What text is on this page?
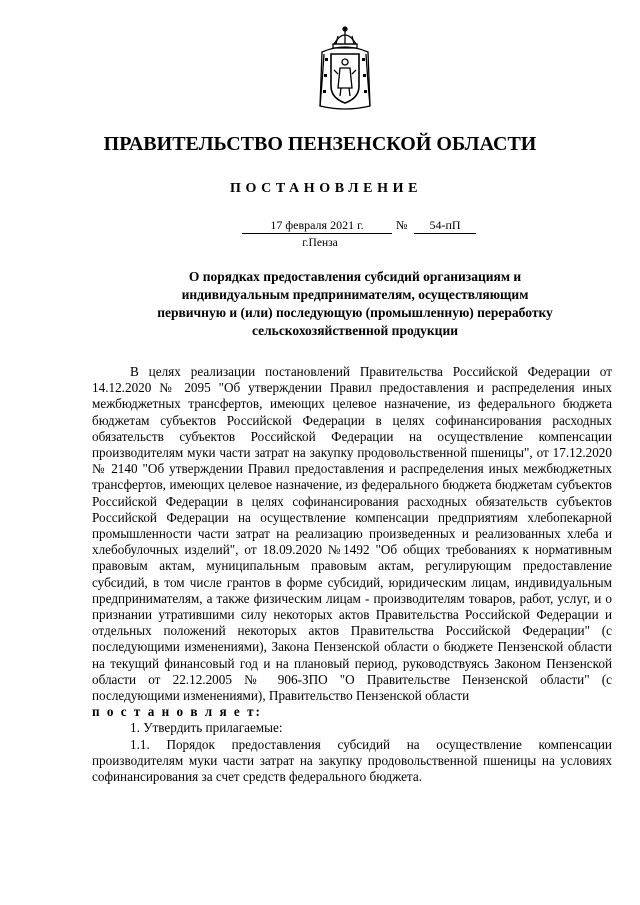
ПРАВИТЕЛЬСТВО ПЕНЗЕНСКОЙ ОБЛАСТИ
ПОСТАНОВЛЕНИЕ
17 февраля 2021 г.	№	54-пП
г.Пенза
О порядках предоставления субсидий организациям и индивидуальным предпринимателям, осуществляющим первичную и (или) последующую (промышленную) переработку сельскохозяйственной продукции

В целях реализации постановлений Правительства Российской Федерации от 14.12.2020 № 2095 "Об утверждении Правил предоставления и распределения иных межбюджетных трансфертов, имеющих целевое назначение, из федерального бюджета бюджетам субъектов Российской Федерации в целях софинансирования расходных обязательств субъектов Российской Федерации на осуществление компенсации производителям муки части затрат на закупку продовольственной пшеницы", от 17.12.2020 № 2140 "Об утверждении Правил предоставления и распределения иных межбюджетных трансфертов, имеющих целевое назначение, из федерального бюджета бюджетам субъектов Российской Федерации в целях софинансирования расходных обязательств субъектов Российской Федерации на осуществление компенсации предприятиям хлебопекарной промышленности части затрат на реализацию произведенных и реализованных хлеба и хлебобулочных изделий", от 18.09.2020 №1492 "Об общих требованиях к нормативным правовым актам, муниципальным правовым актам, регулирующим предоставление субсидий, в том числе грантов в форме субсидий, юридическим лицам, индивидуальным предпринимателям, а также физическим лицам - производителям товаров, работ, услуг, и о признании утратившими силу некоторых актов Правительства Российской Федерации и отдельных положений некоторых актов Правительства Российской Федерации" (с последующими изменениями), Закона Пензенской области о бюджете Пензенской области на текущий финансовый год и на плановый период, руководствуясь Законом Пензенской области от 22.12.2005 № 906-ЗПО "О Правительстве Пензенской области" (с последующими изменениями), Правительство Пензенской области

п о с т а н о в л я е т:

1. Утвердить прилагаемые:

1.1. Порядок предоставления субсидий на осуществление компенсации производителям муки части затрат на закупку продовольственной пшеницы на условиях софинансирования за счет средств федерального бюджета.
